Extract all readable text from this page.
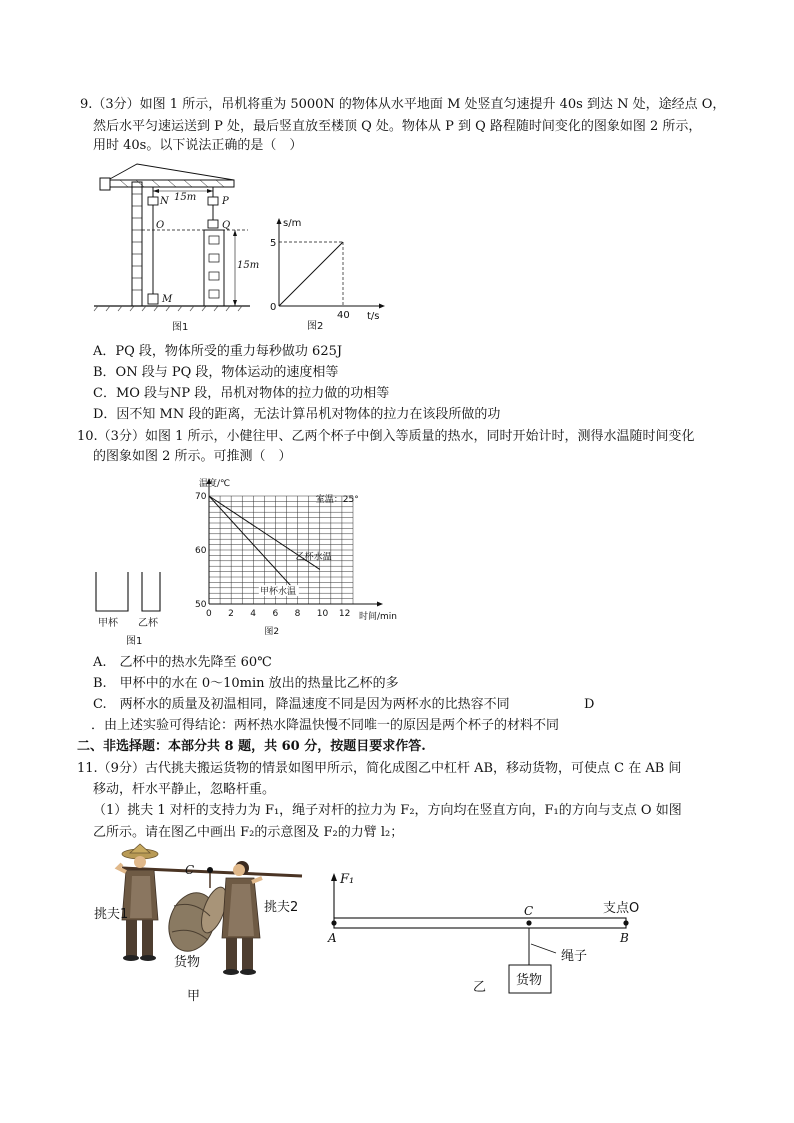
9.（3分）如图 1 所示，吊机将重为 5000N 的物体从水平地面 M 处竖直匀速提升 40s 到达 N 处，途经点 O，
然后水平匀速运送到 P 处，最后竖直放至楼顶 Q 处。物体从 P 到 Q 路程随时间变化的图象如图 2 所示，
用时 40s。以下说法正确的是（　）
N	P
O	Q
M
15m
15m
图1
s/m
t/s
5
40
0
图2
A．PQ 段，物体所受的重力每秒做功 625J
B．ON 段与 PQ 段，物体运动的速度相等
C．MO 段与NP 段，吊机对物体的拉力做的功相等
D．因不知 MN 段的距离，无法计算吊机对物体的拉力在该段所做的功
10.（3分）如图 1 所示，小健往甲、乙两个杯子中倒入等质量的热水，同时开始计时，测得水温随时间变化
的图象如图 2 所示。可推测（　）
甲杯 乙杯
图1
0 2 4 6 8 10 12
50
60
70
乙杯水温
甲杯水温
温度/℃
时间/min
室温：25°
图2
A.　乙杯中的热水先降至 60℃
B.　甲杯中的水在 0～10min 放出的热量比乙杯的多
C.　两杯水的质量及初温相同，降温速度不同是因为两杯水的比热容不同	D
．由上述实验可得结论：两杯热水降温快慢不同唯一的原因是两个杯子的材料不同
二、非选择题：本部分共 8 题，共 60 分，按题目要求作答.
11.（9分）古代挑夫搬运货物的情景如图甲所示，简化成图乙中杠杆 AB，移动货物，可使点 C 在 AB 间
移动，杆水平静止，忽略杆重。
（1）挑夫 1 对杆的支持力为 F₁，绳子对杆的拉力为 F₂，方向均在竖直方向，F₁的方向与支点 O 如图
乙所示。请在图乙中画出 F₂的示意图及 F₂的力臂 l₂；
C
挑夫1	挑夫2
货物
甲
F₁
A
C
B
支点O
绳子
货物
乙
